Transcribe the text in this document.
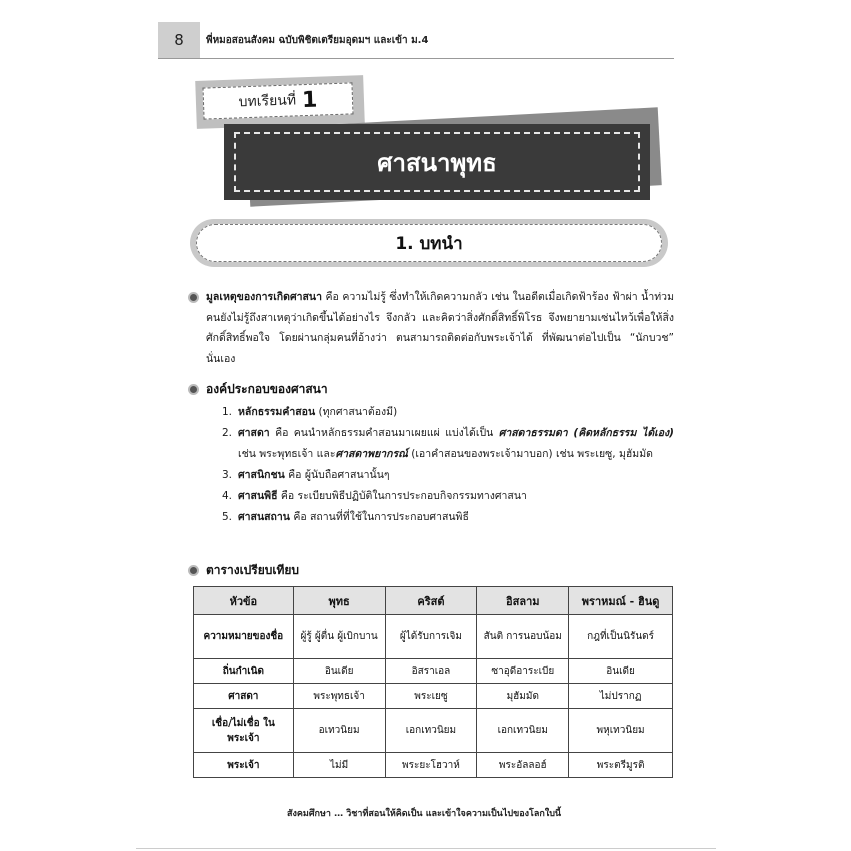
8 พี่หมอสอนสังคม ฉบับพิชิตเตรียมอุดมฯ และเข้า ม.4
บทเรียนที่ 1
ศาสนาพุทธ
1. บทนำ
มูลเหตุของการเกิดศาสนา คือ ความไม่รู้ ซึ่งทำให้เกิดความกลัว เช่น ในอดีตเมื่อเกิดฟ้าร้อง ฟ้าผ่า น้ำท่วม คนยังไม่รู้ถึงสาเหตุว่าเกิดขึ้นได้อย่างไร จึงกลัว และคิดว่าสิ่งศักดิ์สิทธิ์พิโรธ จึงพยายามเซ่นไหว้เพื่อให้สิ่งศักดิ์สิทธิ์พอใจ โดยผ่านกลุ่มคนที่อ้างว่า ตนสามารถติดต่อกับพระเจ้าได้ ที่พัฒนาต่อไปเป็น “นักบวช” นั่นเอง
องค์ประกอบของศาสนา
1. หลักธรรมคำสอน (ทุกศาสนาต้องมี)
2. ศาสดา คือ คนนำหลักธรรมคำสอนมาเผยแผ่ แบ่งได้เป็น ศาสดาธรรมดา (คิดหลักธรรม ได้เอง) เช่น พระพุทธเจ้า และศาสดาพยากรณ์ (เอาคำสอนของพระเจ้ามาบอก) เช่น พระเยซู, มุฮัมมัด
3. ศาสนิกชน คือ ผู้นับถือศาสนานั้นๆ
4. ศาสนพิธี คือ ระเบียบพิธีปฏิบัติในการประกอบกิจกรรมทางศาสนา
5. ศาสนสถาน คือ สถานที่ที่ใช้ในการประกอบศาสนพิธี
ตารางเปรียบเทียบ
หัวข้อ	พุทธ	คริสต์	อิสลาม	พราหมณ์ - ฮินดู
ความหมายของชื่อ	ผู้รู้ ผู้ตื่น ผู้เบิกบาน	ผู้ได้รับการเจิม	สันติ การนอบน้อม	กฎที่เป็นนิรันดร์
ถิ่นกำเนิด	อินเดีย	อิสราเอล	ซาอุดีอาระเบีย	อินเดีย
ศาสดา	พระพุทธเจ้า	พระเยซู	มุฮัมมัด	ไม่ปรากฏ
เชื่อ/ไม่เชื่อ ในพระเจ้า	อเทวนิยม	เอกเทวนิยม	เอกเทวนิยม	พหุเทวนิยม
พระเจ้า	ไม่มี	พระยะโฮวาห์	พระอัลลอฮ์	พระตรีมูรติ
สังคมศึกษา … วิชาที่สอนให้คิดเป็น และเข้าใจความเป็นไปของโลกใบนี้
